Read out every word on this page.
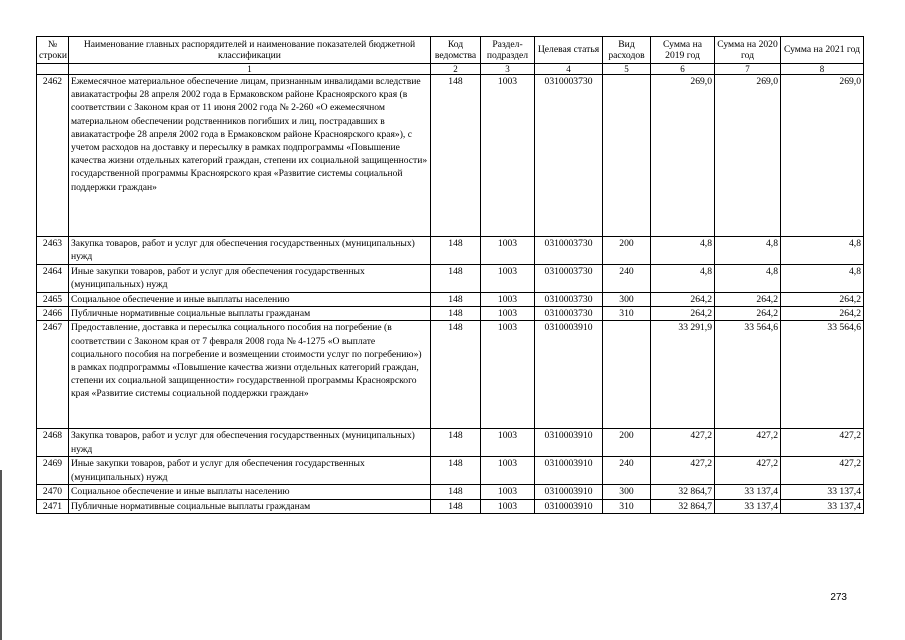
№ строки	Наименование главных распорядителей и наименование показателей бюджетной классификации	Код ведомства	Раздел-подраздел	Целевая статья	Вид расходов	Сумма на 2019 год	Сумма на 2020 год	Сумма на 2021 год
	1	2	3	4	5	6	7	8
2462	Ежемесячное материальное обеспечение лицам, признанным инвалидами вследствие авиакатастрофы 28 апреля 2002 года в Ермаковском районе Красноярского края (в соответствии с Законом края от 11 июня 2002 года № 2-260 «О ежемесячном материальном обеспечении родственников погибших и лиц, пострадавших в авиакатастрофе 28 апреля 2002 года в Ермаковском районе Красноярского края»), с учетом расходов на доставку и пересылку в рамках подпрограммы «Повышение качества жизни отдельных категорий граждан, степени их социальной защищенности» государственной программы Красноярского края «Развитие системы социальной поддержки граждан»	148	1003	0310003730		269,0	269,0	269,0
2463	Закупка товаров, работ и услуг для обеспечения государственных (муниципальных) нужд	148	1003	0310003730	200	4,8	4,8	4,8
2464	Иные закупки товаров, работ и услуг для обеспечения государственных (муниципальных) нужд	148	1003	0310003730	240	4,8	4,8	4,8
2465	Социальное обеспечение и иные выплаты населению	148	1003	0310003730	300	264,2	264,2	264,2
2466	Публичные нормативные социальные выплаты гражданам	148	1003	0310003730	310	264,2	264,2	264,2
2467	Предоставление, доставка и пересылка социального пособия на погребение (в соответствии с Законом края от 7 февраля 2008 года № 4-1275 «О выплате социального пособия на погребение и возмещении стоимости услуг по погребению») в рамках подпрограммы «Повышение качества жизни отдельных категорий граждан, степени их социальной защищенности» государственной программы Красноярского края «Развитие системы социальной поддержки граждан»	148	1003	0310003910		33 291,9	33 564,6	33 564,6
2468	Закупка товаров, работ и услуг для обеспечения государственных (муниципальных) нужд	148	1003	0310003910	200	427,2	427,2	427,2
2469	Иные закупки товаров, работ и услуг для обеспечения государственных (муниципальных) нужд	148	1003	0310003910	240	427,2	427,2	427,2
2470	Социальное обеспечение и иные выплаты населению	148	1003	0310003910	300	32 864,7	33 137,4	33 137,4
2471	Публичные нормативные социальные выплаты гражданам	148	1003	0310003910	310	32 864,7	33 137,4	33 137,4
273
